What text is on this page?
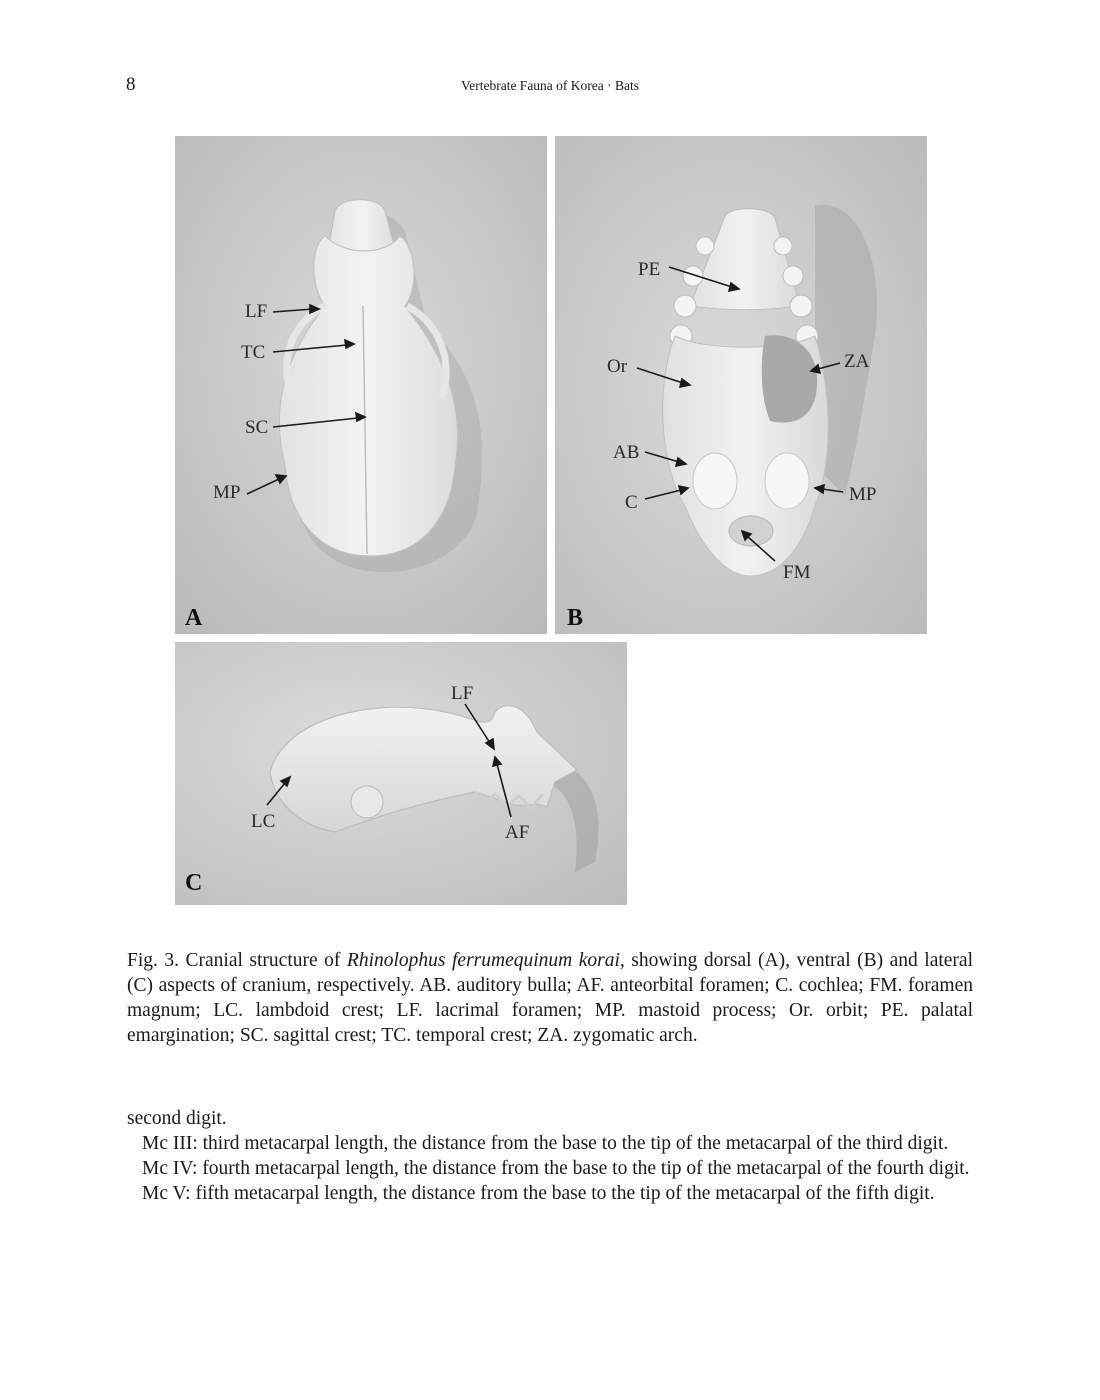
8	Vertebrate Fauna of Korea · Bats
LF
TC
SC
MP
A
PE
Or	ZA
AB
C	MP
FM
B
LF
LC
AF
C

Fig. 3. Cranial structure of Rhinolophus ferrumequinum korai, showing dorsal (A), ventral (B) and lateral (C) aspects of cranium, respectively. AB. auditory bulla; AF. anteorbital foramen; C. cochlea; FM. foramen magnum; LC. lambdoid crest; LF. lacrimal foramen; MP. mastoid process; Or. orbit; PE. palatal emargination; SC. sagittal crest; TC. temporal crest; ZA. zygomatic arch.

second digit.

Mc III: third metacarpal length, the distance from the base to the tip of the metacarpal of the third digit.

Mc IV: fourth metacarpal length, the distance from the base to the tip of the metacarpal of the fourth digit.

Mc V: fifth metacarpal length, the distance from the base to the tip of the metacarpal of the fifth digit.
